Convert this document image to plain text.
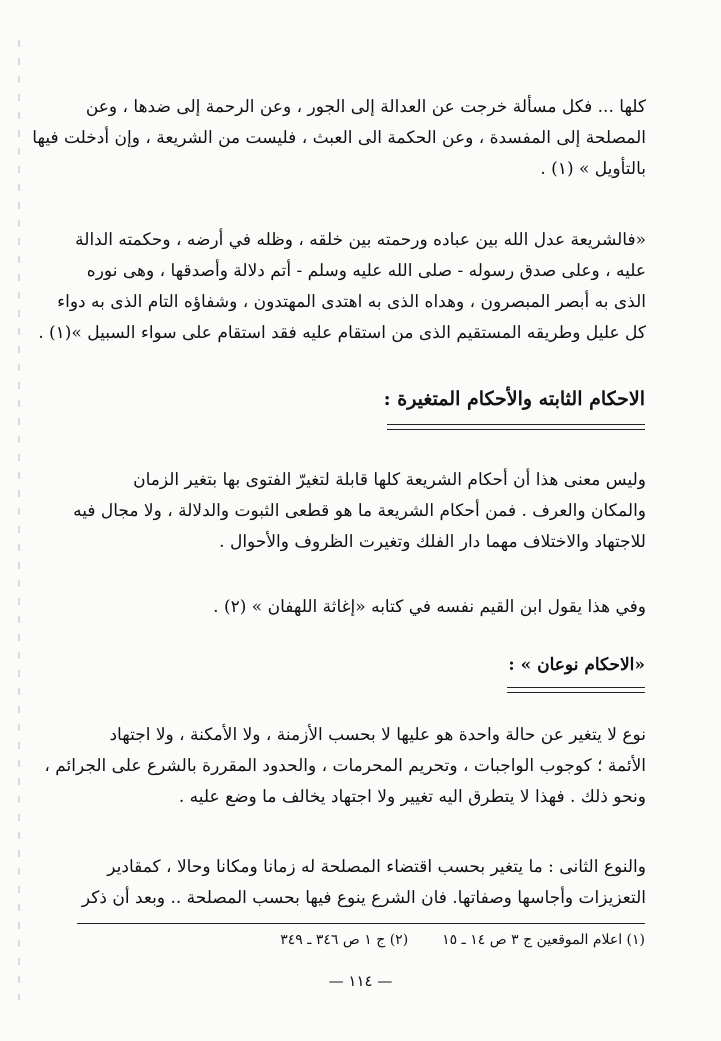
كلها ... فكل مسألة خرجت عن العدالة إلى الجور ، وعن الرحمة إلى ضدها ، وعن
المصلحة إلى المفسدة ، وعن الحكمة الى العبث ، فليست من الشريعة ، وإن أدخلت فيها
بالتأويل » (١) .
«فالشريعة عدل الله بين عباده ورحمته بين خلقه ، وظله في أرضه ، وحكمته الدالة
عليه ، وعلى صدق رسوله - صلى الله عليه وسلم - أتم دلالة وأصدقها ، وهى نوره
الذى به أبصر المبصرون ، وهداه الذى به اهتدى المهتدون ، وشفاؤه التام الذى به دواء
كل عليل وطريقه المستقيم الذى من استقام عليه فقد استقام على سواء السبيل »(١) .
الاحكام الثابته والأحكام المتغيرة :
وليس معنى هذا أن أحكام الشريعة كلها قابلة لتغيرّ الفتوى بها بتغير الزمان
والمكان والعرف . فمن أحكام الشريعة ما هو قطعى الثبوت والدلالة ، ولا مجال فيه
للاجتهاد والاختلاف مهما دار الفلك وتغيرت الظروف والأحوال .
وفي هذا يقول ابن القيم نفسه في كتابه «إغاثة اللهفان » (٢) .
«الاحكام نوعان » :
نوع لا يتغير عن حالة واحدة هو عليها لا بحسب الأزمنة ، ولا الأمكنة ، ولا اجتهاد
الأئمة ؛ كوجوب الواجبات ، وتحريم المحرمات ، والحدود المقررة بالشرع على الجرائم ،
ونحو ذلك . فهذا لا يتطرق اليه تغيير ولا اجتهاد يخالف ما وضع عليه .
والنوع الثانى : ما يتغير بحسب اقتضاء المصلحة له زمانا ومكانا وحالا ، كمقادير
التعزيزات وأجاسها وصفاتها. فان الشرع ينوع فيها بحسب المصلحة .. وبعد أن ذكر
(١) اعلام الموقعين ج ٣ ص ١٤ ـ ١٥(٢) ج ١ ص ٣٤٦ ـ ٣٤٩
— ١١٤ —
